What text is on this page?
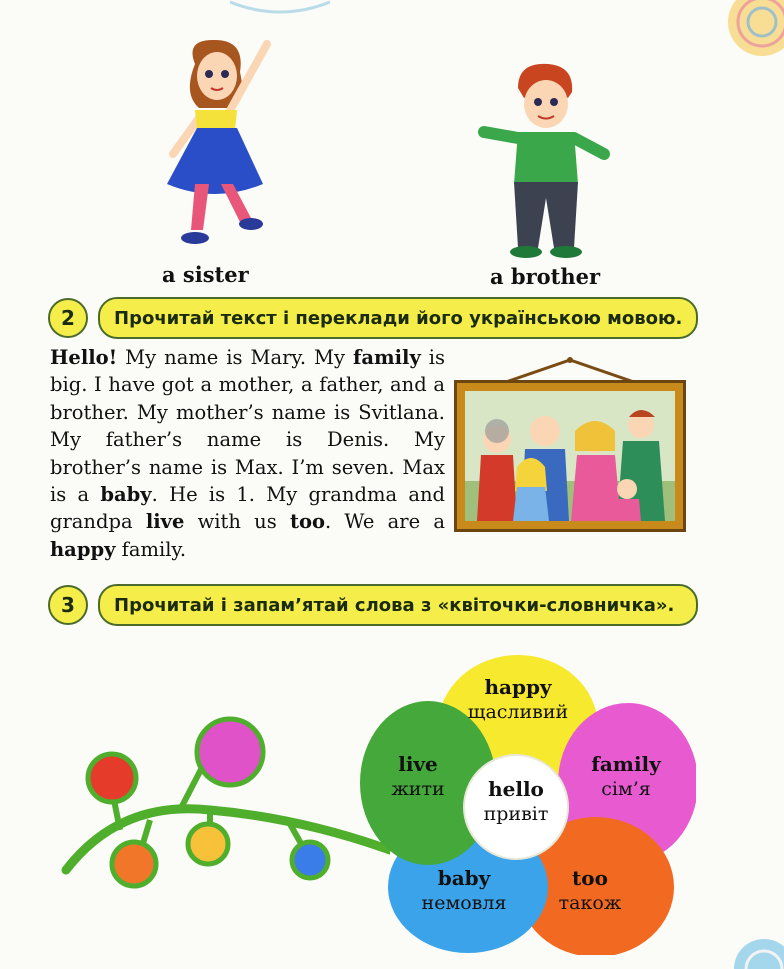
a sister	a brother
2	Прочитай текст і переклади його українською мовою.
Hello! My name is Mary. My family is big. I have got a mother, a father, and a brother. My mother’s name is Svitlana. My father’s name is Denis. My brother’s name is Max. I’m seven. Max is a baby. He is 1. My grandma and grandpa live with us too. We are a happy family.
3	Прочитай і запам’ятай слова з «квіточки-словничка».
happy
щасливий
family
сім’я
too
також
baby
немовля
live
жити	hello
привіт
